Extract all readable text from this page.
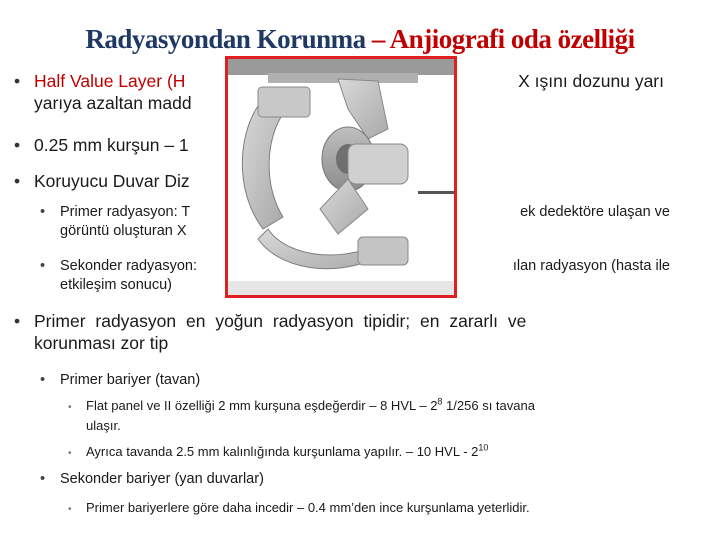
Radyasyondan Korunma – Anjiografi oda özelliği
• Half Value Layer (H	X ışını dozunu yarı
yarıya azaltan madd
• 0.25 mm kurşun – 1
• Koruyucu Duvar Diz
• Primer radyasyon: T	ek dedektöre ulaşan ve
görüntü oluşturan X
• Sekonder radyasyon:	ılan radyasyon (hasta ile
etkileşim sonucu)
• Primer radyasyon en yoğun radyasyon tipidir; en zararlı ve
korunması zor tip
• Primer bariyer (tavan)
• Flat panel ve II özelliği 2 mm kurşuna eşdeğerdir – 8 HVL – $2^8$ 1/256 sı tavana
ulaşır.
• Ayrıca tavanda 2.5 mm kalınlığında kurşunlama yapılır. – 10 HVL - $2^{10}$
• Sekonder bariyer (yan duvarlar)
• Primer bariyerlere göre daha incedir – 0.4 mm’den ince kurşunlama yeterlidir.
